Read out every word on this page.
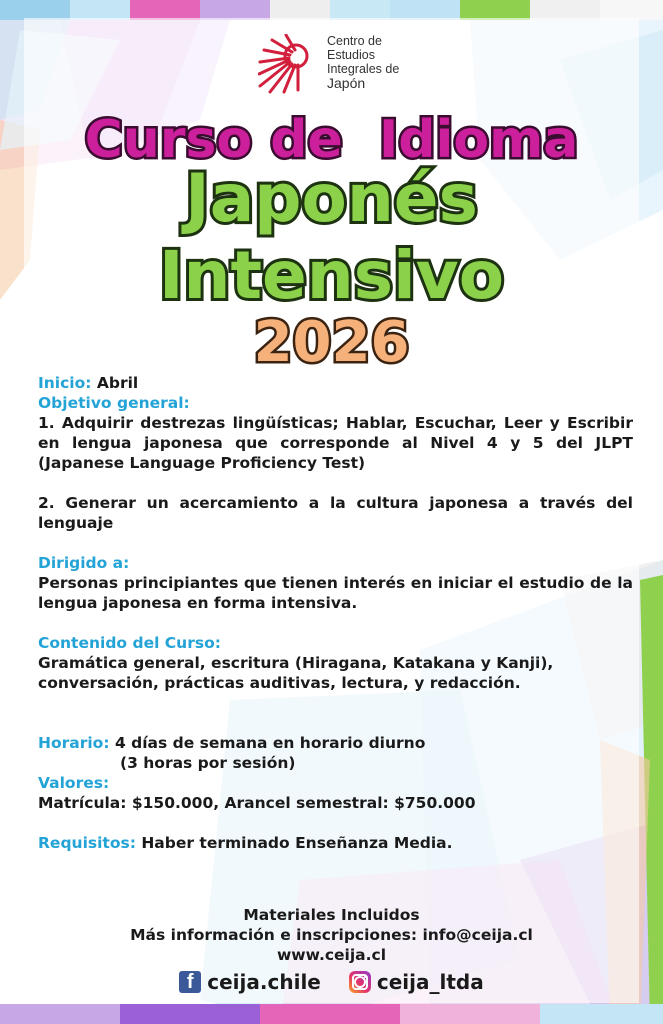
Centro de
Estudios
Integrales de
Japón
Curso de  Idioma
Japonés
Intensivo
2026

Inicio: Abril

Objetivo general:

1. Adquirir destrezas lingüísticas; Hablar, Escuchar, Leer y Escribir en lengua japonesa que corresponde al Nivel 4 y 5 del JLPT (Japanese Language Proficiency Test)

2. Generar un acercamiento a la cultura japonesa a través del lenguaje

Dirigido a:

Personas principiantes que tienen interés en iniciar el estudio de la lengua japonesa en forma intensiva.

Contenido del Curso:

Gramática general, escritura (Hiragana, Katakana y Kanji), conversación, prácticas auditivas, lectura, y redacción.

Horario: 4 días de semana en horario diurno

(3 horas por sesión)

Valores:

Matrícula: $150.000, Arancel semestral: $750.000

Requisitos: Haber terminado Enseñanza Media.

Materiales Incluidos

Más información e inscripciones: info@ceija.cl

www.ceija.cl

f ceija.chile	ceija_ltda
